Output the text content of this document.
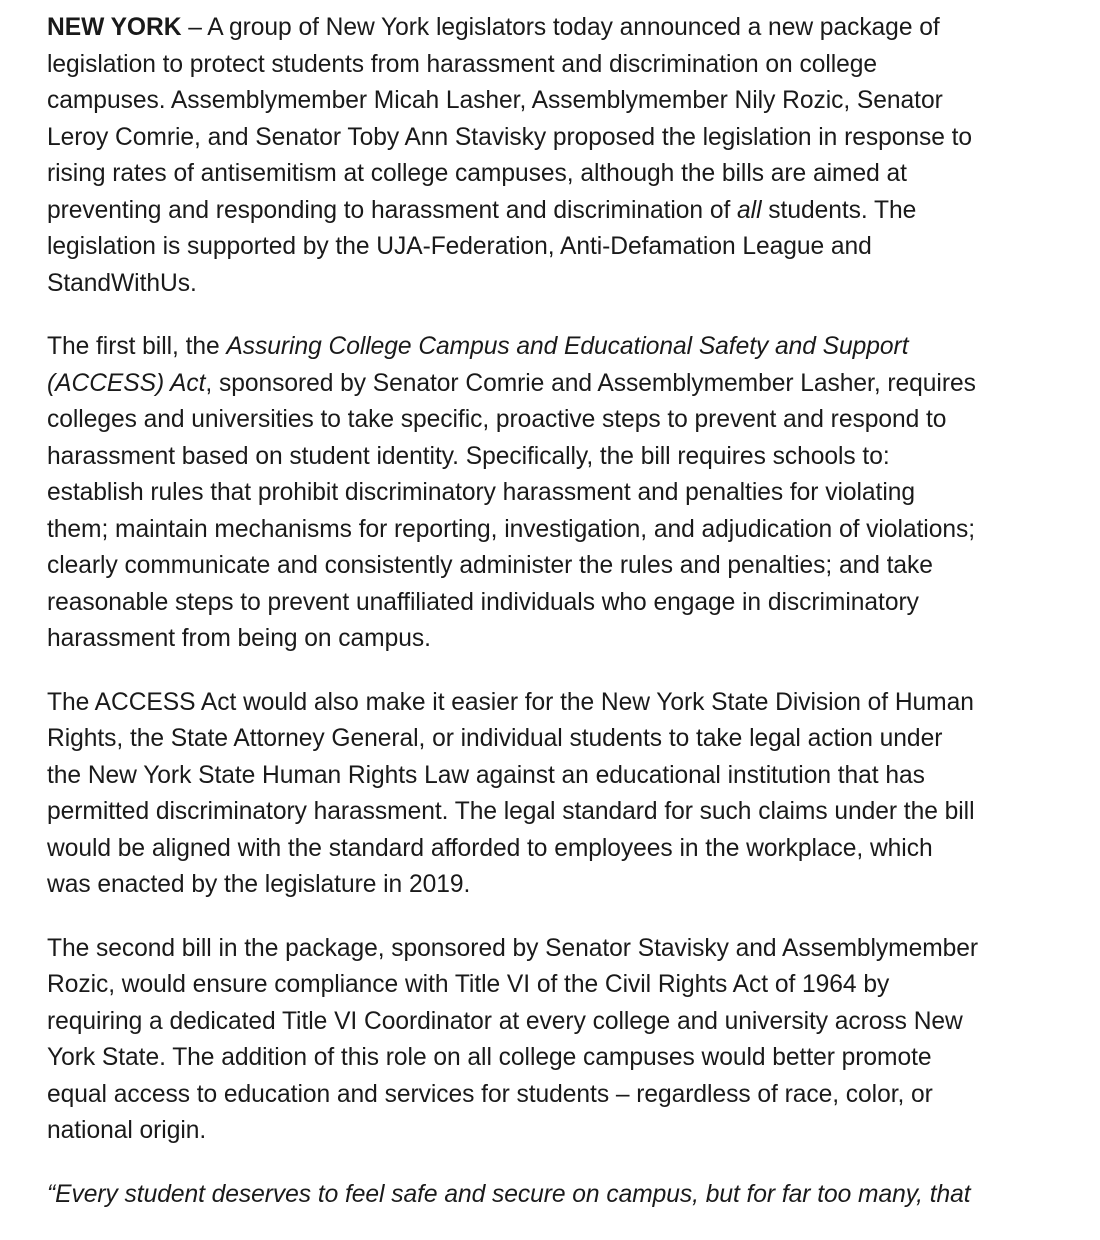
NEW YORK – A group of New York legislators today announced a new package of
legislation to protect students from harassment and discrimination on college
campuses. Assemblymember Micah Lasher, Assemblymember Nily Rozic, Senator
Leroy Comrie, and Senator Toby Ann Stavisky proposed the legislation in response to
rising rates of antisemitism at college campuses, although the bills are aimed at
preventing and responding to harassment and discrimination of all students. The
legislation is supported by the UJA-Federation, Anti-Defamation League and
StandWithUs.

The first bill, the Assuring College Campus and Educational Safety and Support
(ACCESS) Act, sponsored by Senator Comrie and Assemblymember Lasher, requires
colleges and universities to take specific, proactive steps to prevent and respond to
harassment based on student identity. Specifically, the bill requires schools to:
establish rules that prohibit discriminatory harassment and penalties for violating
them; maintain mechanisms for reporting, investigation, and adjudication of violations;
clearly communicate and consistently administer the rules and penalties; and take
reasonable steps to prevent unaffiliated individuals who engage in discriminatory
harassment from being on campus.

The ACCESS Act would also make it easier for the New York State Division of Human
Rights, the State Attorney General, or individual students to take legal action under
the New York State Human Rights Law against an educational institution that has
permitted discriminatory harassment. The legal standard for such claims under the bill
would be aligned with the standard afforded to employees in the workplace, which
was enacted by the legislature in 2019.

The second bill in the package, sponsored by Senator Stavisky and Assemblymember
Rozic, would ensure compliance with Title VI of the Civil Rights Act of 1964 by
requiring a dedicated Title VI Coordinator at every college and university across New
York State. The addition of this role on all college campuses would better promote
equal access to education and services for students – regardless of race, color, or
national origin.

“Every student deserves to feel safe and secure on campus, but for far too many, that
